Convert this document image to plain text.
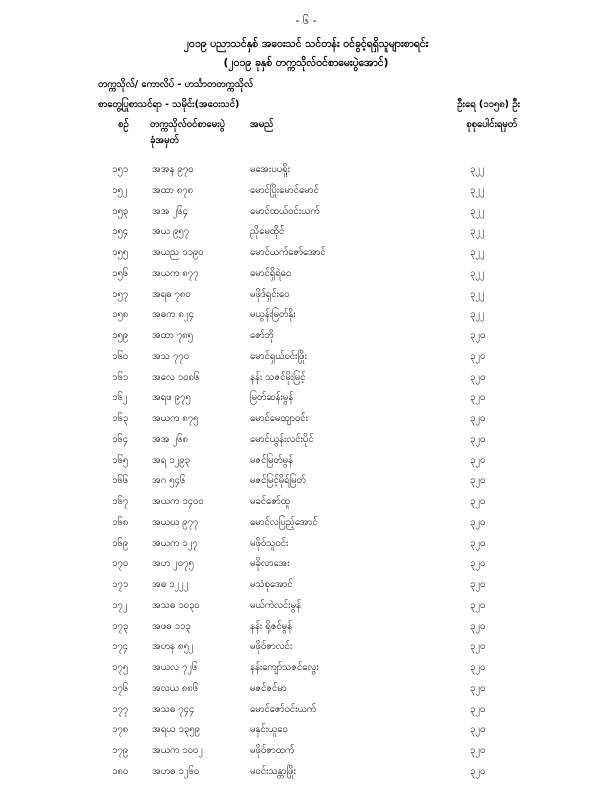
- ၆ -
၂၀၁၉ ပညာသင်နှစ် အဝေးသင် သင်တန်း ဝင်ခွင့်ရရှိသူများစာရင်း
(၂၀၁၉ ခုနှစ် တက္ကသိုလ်ဝင်စာမေးပွဲအောင်)
တက္ကသိုလ်/ ကောလိပ် - ဟင်္သာတတက္ကသိုလ်
စာတွေ့ပြုစာသင်ရာ - သမိုင်း(အဝေးသင်)	ဦးရေ (၁၁၅၈) ဦး
စဉ် တက္ကသိုလ်ဝင်စာမေးပွဲ
ခုံအမှတ်
အမည်	စုစုပေါင်းရမှတ်
၁၅၁	အအန ၉၇၀	မအေးပပရှိုး	၃၂၂
၁၅၂	အထာ ၈၇၈	မောင်ပြိုးမောင်မောင်	၃၂၂
၁၅၃	အအ ၂၆၄	မောင်ထယ်ဝင်းယက်	၃၂၂
၁၅၄	အယ ၉၅၇	ညိုမေထိုင်	၃၂၂
၁၅၅	အယည ၁၁၉၀	မောင်ယက်ဇော်အောင်	၃၂၂
၁၅၆	အယက ၈၇၇	မောင်ရှိရဲဝေ	၃၂၂
၁၅၇	အရဓ ၇၈၀	မဖိုဒ်ရှင်းဝေ	၃၂၂
၁၅၈	အဓက ၈၂၄	မယွန်းမြတ်နိုး	၃၂၂
၁၅၉	အထာ ၇၈၅	ဇော်ဘို	၃၂၀
၁၆၀	အသ ၇၇၀	မောင်ရှယ်ဝင်းဖြိုး	၃၂၀
၁၆၁	အလေ ၁၀၈၆	နန်း သဇင်မိုးမြင့်	၃၂၀
၁၆၂	အရဖ ၉၇၅	မြတ်ဆန်းမွန်	၃၂၀
၁၆၃	အယက ၈၇၅	မောင်မေထျာဝင်း	၃၂၀
၁၆၄	အအ ၂၆၈	မောင်ယွန်းလင်းပိုင်	၃၂၀
၁၆၅	အရ ၁၂၉၃	မဇင်မြတ်မွန်	၃၂၀
၁၆၆	အဂ ၅၄၆	မဇင်မြင့်မိုရ်မြတ်	၃၂၀
၁၆၇	အယက ၁၄၀၀	မခင်ဇော်ထူ	၃၂၀
၁၆၈	အယဃ ၉၇၇	မောင်လပြည့်အောင်	၃၂၀
၁၆၉	အယက ၁၂၇	မဖိုဝ်သူဝင်း	၃၂၀
၁၇၀	အဟ ၂၀၇၅	မခိုလာအေး	၃၂၀
၁၇၁	အဓ ၁၂၂၂	မသံစုအောင်	၃၂၀
၁၇၂	အသဓ ၁၀၃၀	မယ်ကဲလင်းမွန်	၃၂၀
၁၇၃	အဖဓ ၁၁၃	နန်း ရိုဇင်မွန်	၃၂၀
၁၇၄	အဟန ၈၅၂	မဖိုဝ်ဇာလင်း	၃၂၀
၁၇၅	အယလ ၇၂၆	နန်းကျော်သဇင်လွေး	၃၂၀
၁၇၆	အလယ ၈၈၆	မဇင်ဇင်မာ	၃၂၀
၁၇၇	အသဓ ၇၄၄	မောင်ဇော်ဝင်းယက်	၃၂၀
၁၇၈	အရယ ၁၃၅၉	မနှင်းယူဝေ	၃၂၀
၁၇၉	အယက ၁၀၀၂	မဖိုဝ်ဇာထက်	၃၂၀
၁၈၀	အဟဓ ၁၂၆၀	မဝင်းသန္တာဖြိုး	၃၂၀
